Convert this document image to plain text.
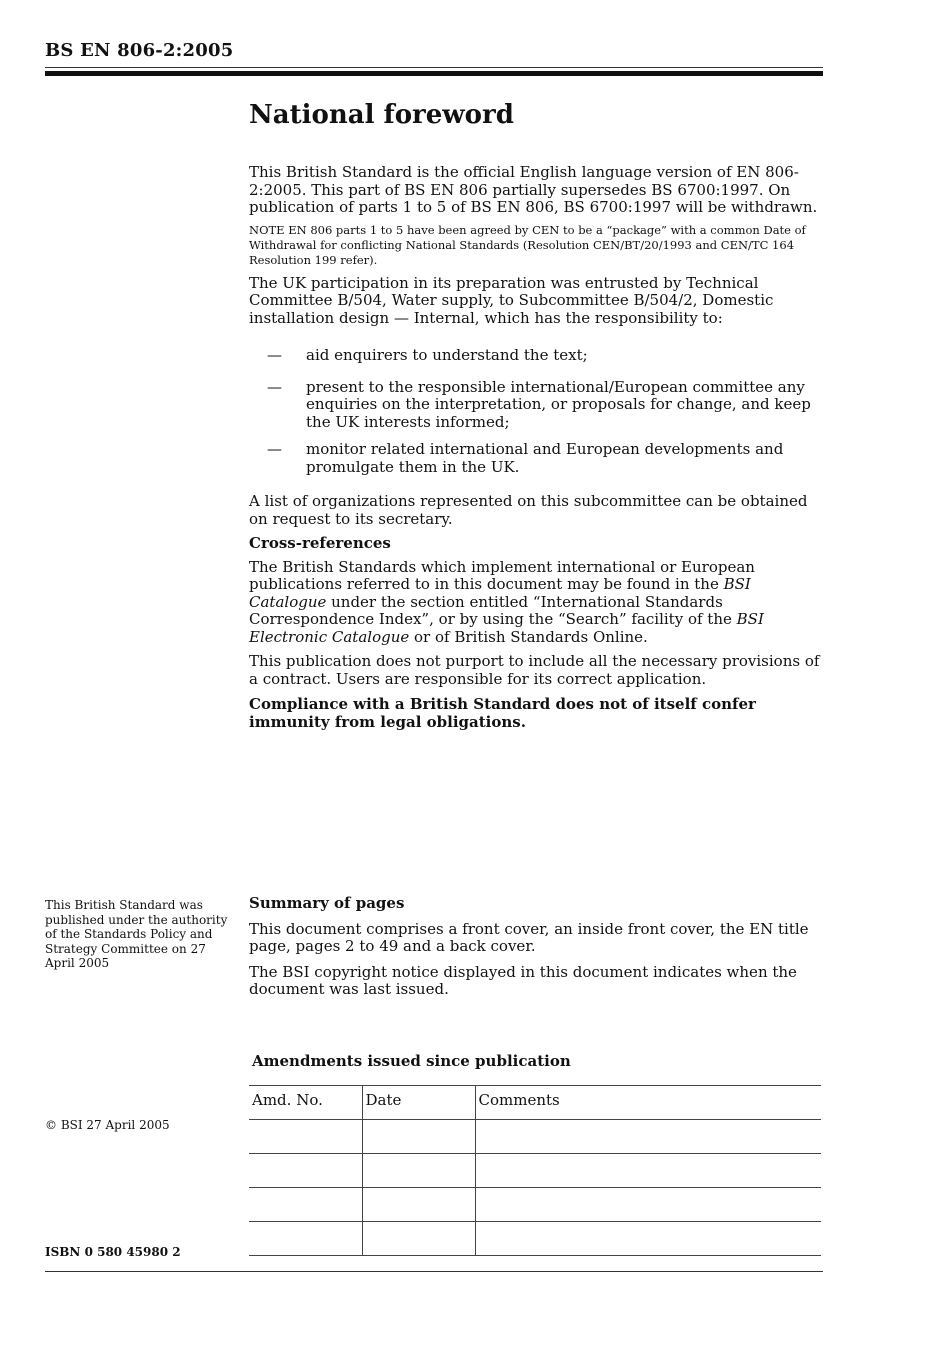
BS EN 806-2:2005
National foreword

This British Standard is the official English language version of EN 806-2:2005. This part of BS EN 806 partially supersedes BS 6700:1997. On publication of parts 1 to 5 of BS EN 806, BS 6700:1997 will be withdrawn.

NOTE EN 806 parts 1 to 5 have been agreed by CEN to be a “package” with a common Date of Withdrawal for conflicting National Standards (Resolution CEN/BT/20/1993 and CEN/TC 164 Resolution 199 refer).

The UK participation in its preparation was entrusted by Technical Committee B/504, Water supply, to Subcommittee B/504/2, Domestic installation design — Internal, which has the responsibility to:

— aid enquirers to understand the text;
— present to the responsible international/European committee any enquiries on the interpretation, or proposals for change, and keep the UK interests informed;
— monitor related international and European developments and promulgate them in the UK.

A list of organizations represented on this subcommittee can be obtained on request to its secretary.

Cross-references

The British Standards which implement international or European publications referred to in this document may be found in the BSI Catalogue under the section entitled “International Standards Correspondence Index”, or by using the “Search” facility of the BSI Electronic Catalogue or of British Standards Online.

This publication does not purport to include all the necessary provisions of a contract. Users are responsible for its correct application.

Compliance with a British Standard does not of itself confer immunity from legal obligations.

This British Standard was published under the authority of the Standards Policy and Strategy Committee on 27 April 2005

Summary of pages

This document comprises a front cover, an inside front cover, the EN title page, pages 2 to 49 and a back cover.

The BSI copyright notice displayed in this document indicates when the document was last issued.

Amendments issued since publication
Amd. No.	Date	Comments

© BSI 27 April 2005
ISBN 0 580 45980 2
